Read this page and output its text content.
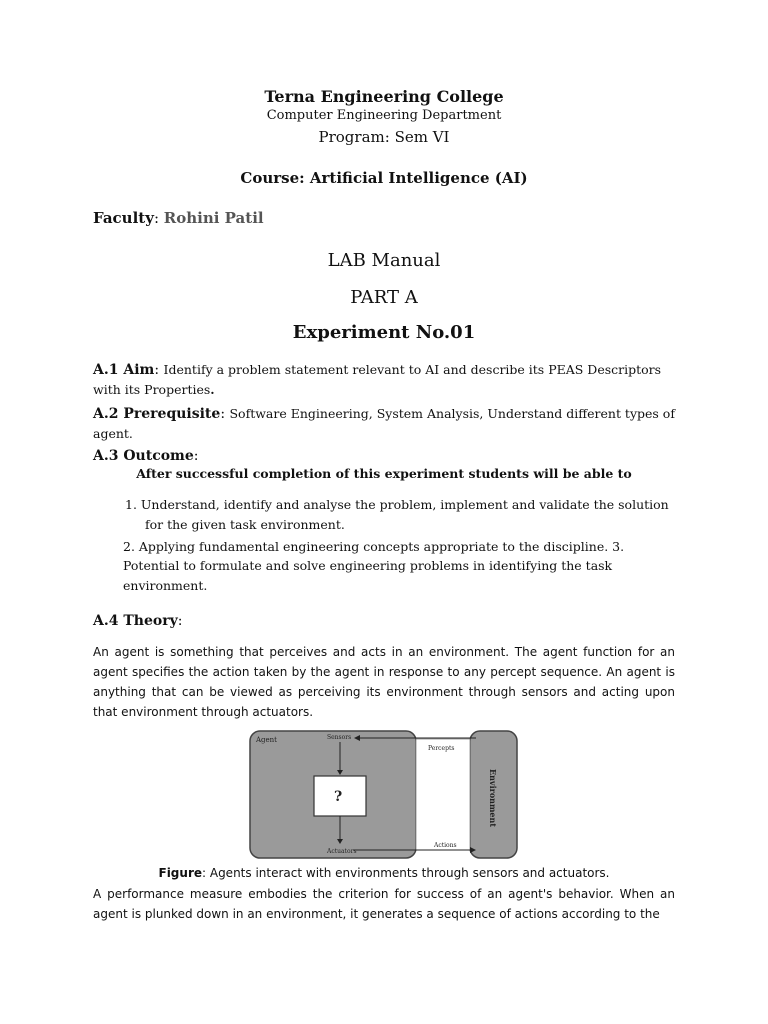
Terna Engineering College
Computer Engineering Department
Program: Sem VI
Course: Artificial Intelligence (AI)
Faculty: Rohini Patil
LAB Manual
PART A
Experiment No.01
A.1 Aim: Identify a problem statement relevant to AI and describe its PEAS Descriptors with its Properties.
A.2 Prerequisite: Software Engineering, System Analysis, Understand different types of agent.
A.3 Outcome:
After successful completion of this experiment students will be able to
1. Understand, identify and analyse the problem, implement and validate the solution
for the given task environment.
2. Applying fundamental engineering concepts appropriate to the discipline. 3.
Potential to formulate and solve engineering problems in identifying the task
environment.
A.4 Theory:
An agent is something that perceives and acts in an environment. The agent function for an agent specifies the action taken by the agent in response to any percept sequence. An agent is anything that can be viewed as perceiving its environment through sensors and acting upon that environment through actuators.
Agent	Sensors
Percepts
?
Actuators
Actions
Environment
Figure: Agents interact with environments through sensors and actuators.
A performance measure embodies the criterion for success of an agent's behavior. When an agent is plunked down in an environment, it generates a sequence of actions according to the
